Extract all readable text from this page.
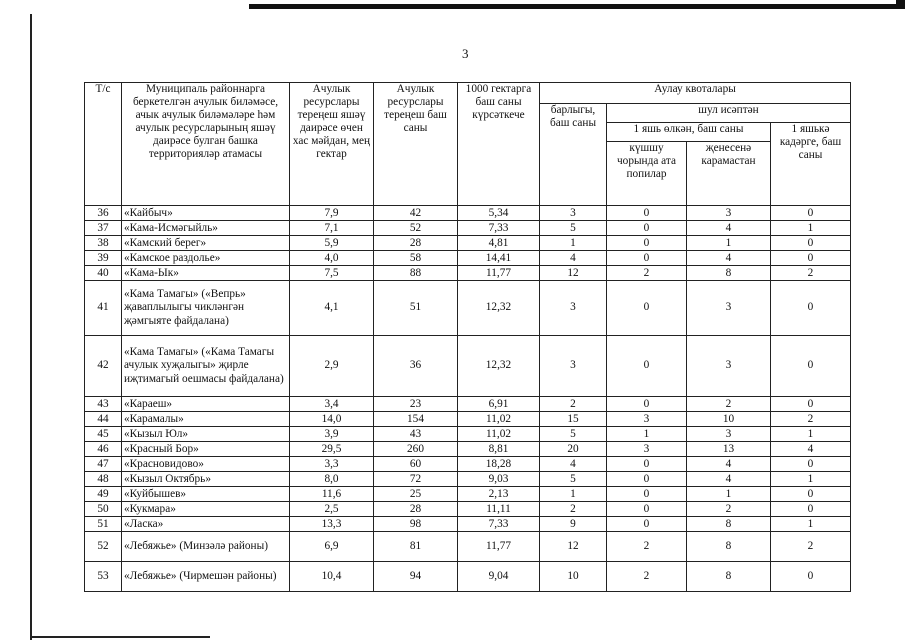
3
Т/с	Муниципаль районнарга беркетелгән ачулык биләмәсе, ачык ачулык биләмәләре һәм ачулык ресурсларының яшәү даирәсе булган башка территорияләр атамасы	Ачулык ресурслары тереңеш яшәү даирәсе өчен хас мәйдан, мең гектар	Ачулык ресурслары тереңеш баш саны	1000 гектарга баш саны күрсәткече	Аулау квоталары			
					барлыгы, баш саны	шул исәптән		
						1 яшь өлкән, баш саны		1 яшькә кадәрге, баш саны
						күшшу чорында ата попилар	җенесенә карамастан	
36	«Кайбыч»	7,9	42	5,34	3	0	3	0
37	«Кама-Исмәгыйль»	7,1	52	7,33	5	0	4	1
38	«Камский берег»	5,9	28	4,81	1	0	1	0
39	«Камское раздолье»	4,0	58	14,41	4	0	4	0
40	«Кама-Ык»	7,5	88	11,77	12	2	8	2
41	«Кама Тамагы» («Вепрь» җаваплылыгы чикләнгән җәмгыяте файдалана)	4,1	51	12,32	3	0	3	0
42	«Кама Тамагы» («Кама Тамагы ачулык хуҗалыгы» җирле иҗтимагый оешмасы файдалана)	2,9	36	12,32	3	0	3	0
43	«Караеш»	3,4	23	6,91	2	0	2	0
44	«Карамалы»	14,0	154	11,02	15	3	10	2
45	«Кызыл Юл»	3,9	43	11,02	5	1	3	1
46	«Красный Бор»	29,5	260	8,81	20	3	13	4
47	«Красновидово»	3,3	60	18,28	4	0	4	0
48	«Кызыл Октябрь»	8,0	72	9,03	5	0	4	1
49	«Куйбышев»	11,6	25	2,13	1	0	1	0
50	«Кукмара»	2,5	28	11,11	2	0	2	0
51	«Ласка»	13,3	98	7,33	9	0	8	1
52	«Лебяжье» (Минзәлә районы)	6,9	81	11,77	12	2	8	2
53	«Лебяжье» (Чирмешән районы)	10,4	94	9,04	10	2	8	0
